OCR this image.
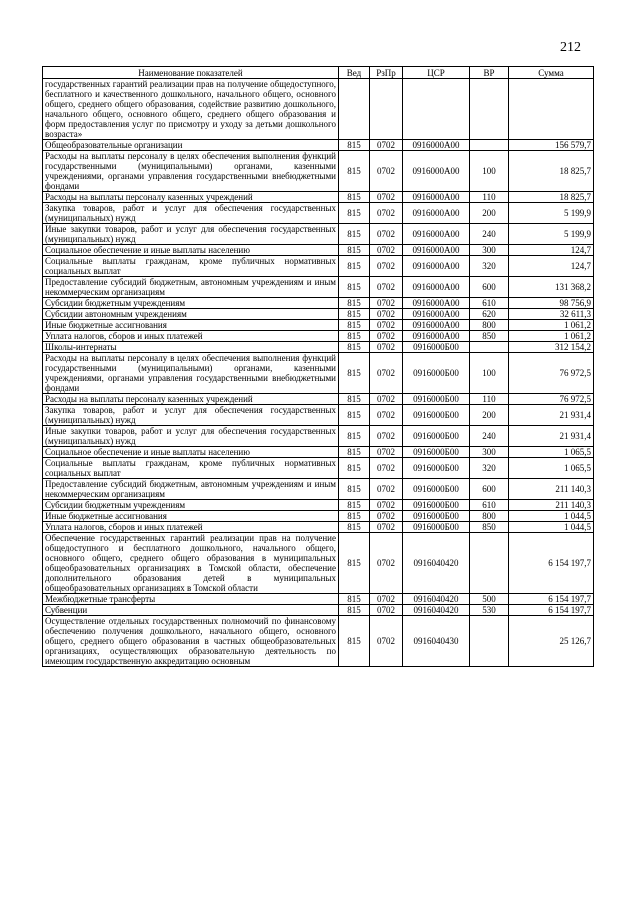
212
Наименование показателей	Вед	РзПр	ЦСР	ВР	Сумма
государственных гарантий реализации прав на получение общедоступного, бесплатного и качественного дошкольного, начального общего, основного общего, среднего общего образования, содействие развитию дошкольного, начального общего, основного общего, среднего общего образования и форм предоставления услуг по присмотру и уходу за детьми дошкольного возраста»					
Общеобразовательные организации	815	0702	0916000А00		156 579,7
Расходы на выплаты персоналу в целях обеспечения выполнения функций государственными (муниципальными) органами, казенными учреждениями, органами управления государственными внебюджетными фондами	815	0702	0916000А00	100	18 825,7
Расходы на выплаты персоналу казенных учреждений	815	0702	0916000А00	110	18 825,7
Закупка товаров, работ и услуг для обеспечения государственных (муниципальных) нужд	815	0702	0916000А00	200	5 199,9
Иные закупки товаров, работ и услуг для обеспечения государственных (муниципальных) нужд	815	0702	0916000А00	240	5 199,9
Социальное обеспечение и иные выплаты населению	815	0702	0916000А00	300	124,7
Социальные выплаты гражданам, кроме публичных нормативных социальных выплат	815	0702	0916000А00	320	124,7
Предоставление субсидий бюджетным, автономным учреждениям и иным некоммерческим организациям	815	0702	0916000А00	600	131 368,2
Субсидии бюджетным учреждениям	815	0702	0916000А00	610	98 756,9
Субсидии автономным учреждениям	815	0702	0916000А00	620	32 611,3
Иные бюджетные ассигнования	815	0702	0916000А00	800	1 061,2
Уплата налогов, сборов и иных платежей	815	0702	0916000А00	850	1 061,2
Школы-интернаты	815	0702	0916000Б00		312 154,2
Расходы на выплаты персоналу в целях обеспечения выполнения функций государственными (муниципальными) органами, казенными учреждениями, органами управления государственными внебюджетными фондами	815	0702	0916000Б00	100	76 972,5
Расходы на выплаты персоналу казенных учреждений	815	0702	0916000Б00	110	76 972,5
Закупка товаров, работ и услуг для обеспечения государственных (муниципальных) нужд	815	0702	0916000Б00	200	21 931,4
Иные закупки товаров, работ и услуг для обеспечения государственных (муниципальных) нужд	815	0702	0916000Б00	240	21 931,4
Социальное обеспечение и иные выплаты населению	815	0702	0916000Б00	300	1 065,5
Социальные выплаты гражданам, кроме публичных нормативных социальных выплат	815	0702	0916000Б00	320	1 065,5
Предоставление субсидий бюджетным, автономным учреждениям и иным некоммерческим организациям	815	0702	0916000Б00	600	211 140,3
Субсидии бюджетным учреждениям	815	0702	0916000Б00	610	211 140,3
Иные бюджетные ассигнования	815	0702	0916000Б00	800	1 044,5
Уплата налогов, сборов и иных платежей	815	0702	0916000Б00	850	1 044,5
Обеспечение государственных гарантий реализации прав на получение общедоступного и бесплатного дошкольного, начального общего, основного общего, среднего общего образования в муниципальных общеобразовательных организациях в Томской области, обеспечение дополнительного образования детей в муниципальных общеобразовательных организациях в Томской области	815	0702	0916040420		6 154 197,7
Межбюджетные трансферты	815	0702	0916040420	500	6 154 197,7
Субвенции	815	0702	0916040420	530	6 154 197,7
Осуществление отдельных государственных полномочий по финансовому обеспечению получения дошкольного, начального общего, основного общего, среднего общего образования в частных общеобразовательных организациях, осуществляющих образовательную деятельность по имеющим государственную аккредитацию основным	815	0702	0916040430		25 126,7
